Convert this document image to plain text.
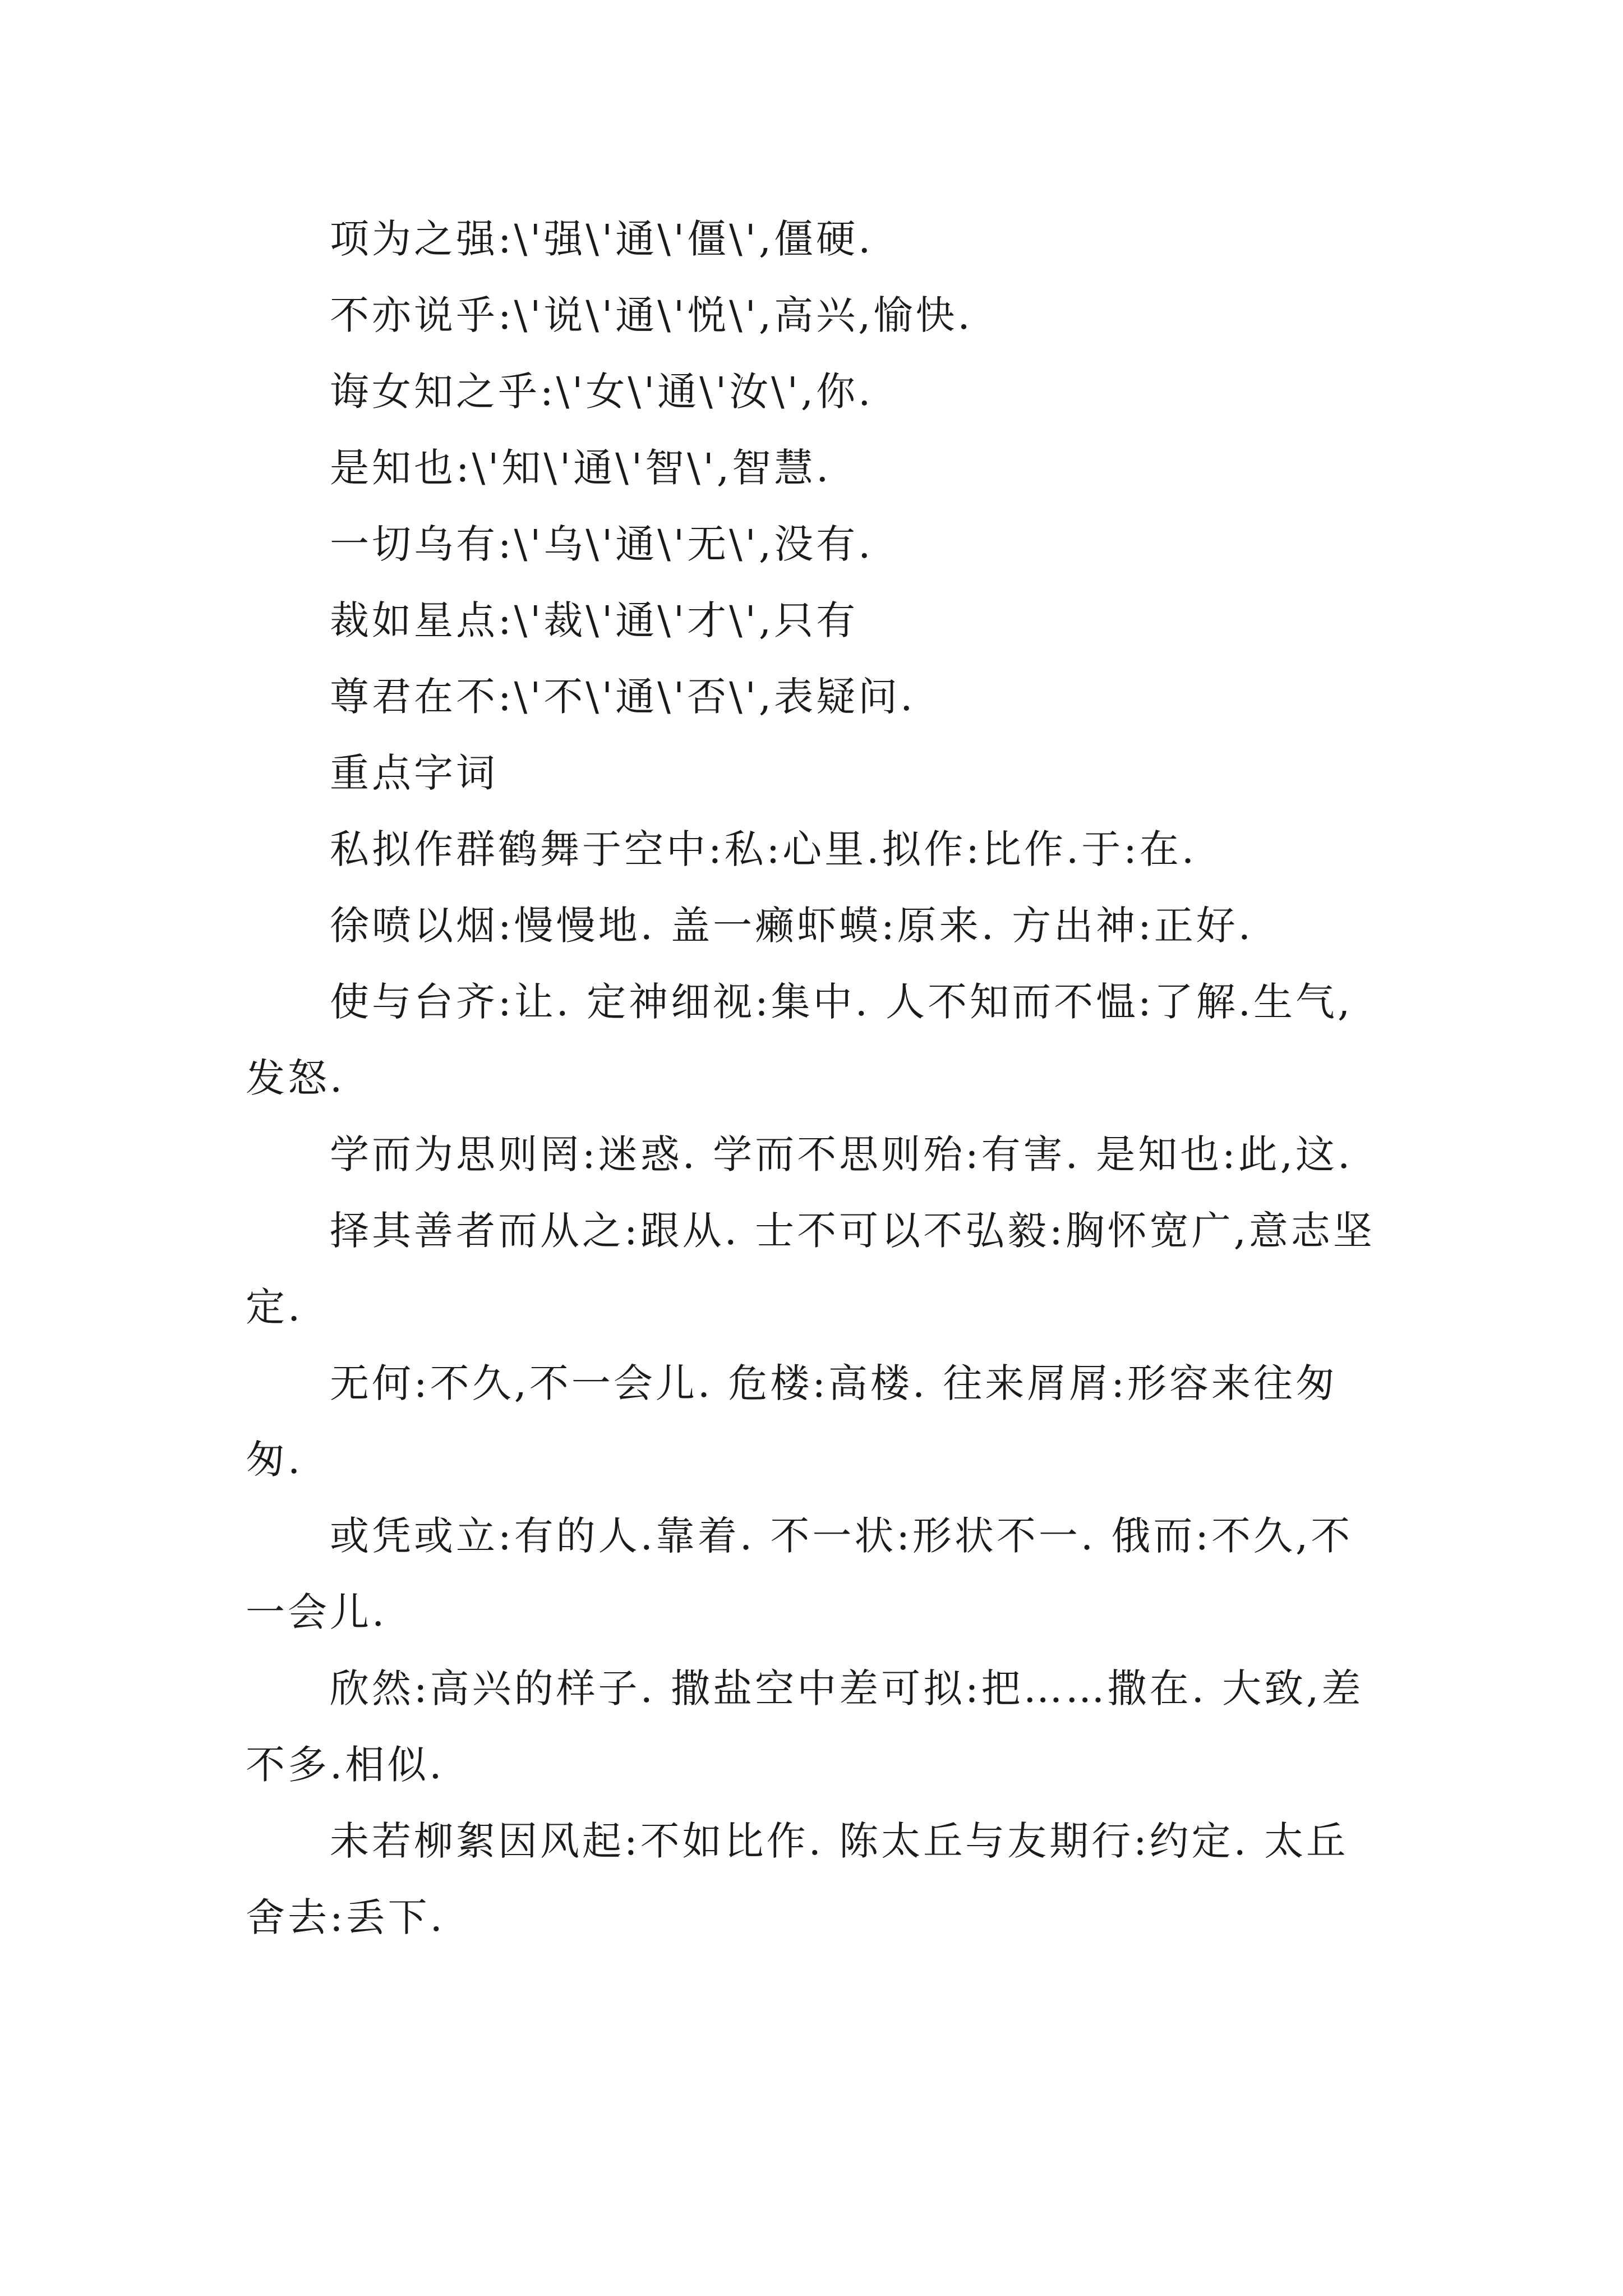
项为之强:\'强\'通\'僵\',僵硬.

不亦说乎:\'说\'通\'悦\',高兴,愉快.

诲女知之乎:\'女\'通\'汝\',你.

是知也:\'知\'通\'智\',智慧.

一切乌有:\'乌\'通\'无\',没有.

裁如星点:\'裁\'通\'才\',只有

尊君在不:\'不\'通\'否\',表疑问.

重点字词

私拟作群鹤舞于空中:私:心里.拟作:比作.于:在.

徐喷以烟:慢慢地. 盖一癞虾蟆:原来. 方出神:正好.

使与台齐:让. 定神细视:集中. 人不知而不愠:了解.生气,发怒.

学而为思则罔:迷惑. 学而不思则殆:有害. 是知也:此,这.

择其善者而从之:跟从. 士不可以不弘毅:胸怀宽广,意志坚定.

无何:不久,不一会儿. 危楼:高楼. 往来屑屑:形容来往匆匆.

或凭或立:有的人.靠着. 不一状:形状不一. 俄而:不久,不一会儿.

欣然:高兴的样子. 撒盐空中差可拟:把……撒在. 大致,差不多.相似.

未若柳絮因风起:不如比作. 陈太丘与友期行:约定. 太丘舍去:丢下.
